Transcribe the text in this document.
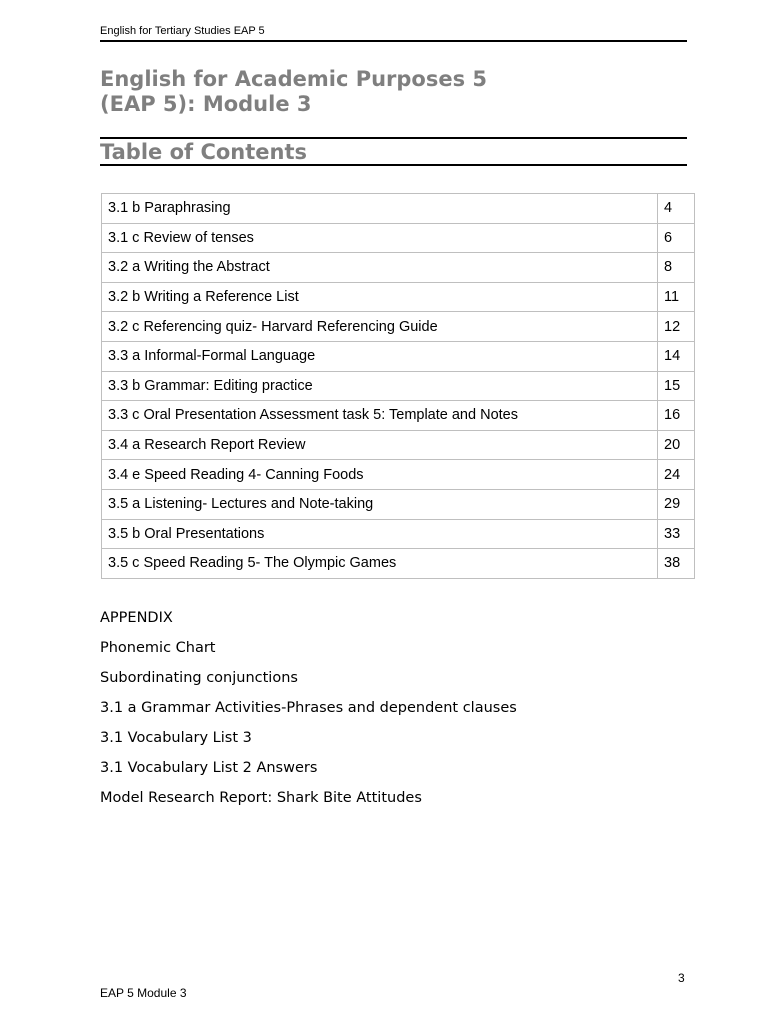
English for Tertiary Studies EAP 5
English for Academic Purposes 5
(EAP 5): Module 3
Table of Contents
3.1 b Paraphrasing	4
3.1 c Review of tenses	6
3.2 a Writing the Abstract	8
3.2 b Writing a Reference List	11
3.2 c Referencing quiz- Harvard Referencing Guide	12
3.3 a Informal-Formal Language	14
3.3 b Grammar: Editing practice	15
3.3 c Oral Presentation Assessment task 5: Template and Notes	16
3.4 a Research Report Review	20
3.4 e Speed Reading 4- Canning Foods	24
3.5 a Listening- Lectures and Note-taking	29
3.5 b Oral Presentations	33
3.5 c Speed Reading 5- The Olympic Games	38
APPENDIX
Phonemic Chart
Subordinating conjunctions
3.1 a Grammar Activities-Phrases and dependent clauses
3.1 Vocabulary List 3
3.1 Vocabulary List 2 Answers
Model Research Report: Shark Bite Attitudes
3
EAP 5 Module 3
